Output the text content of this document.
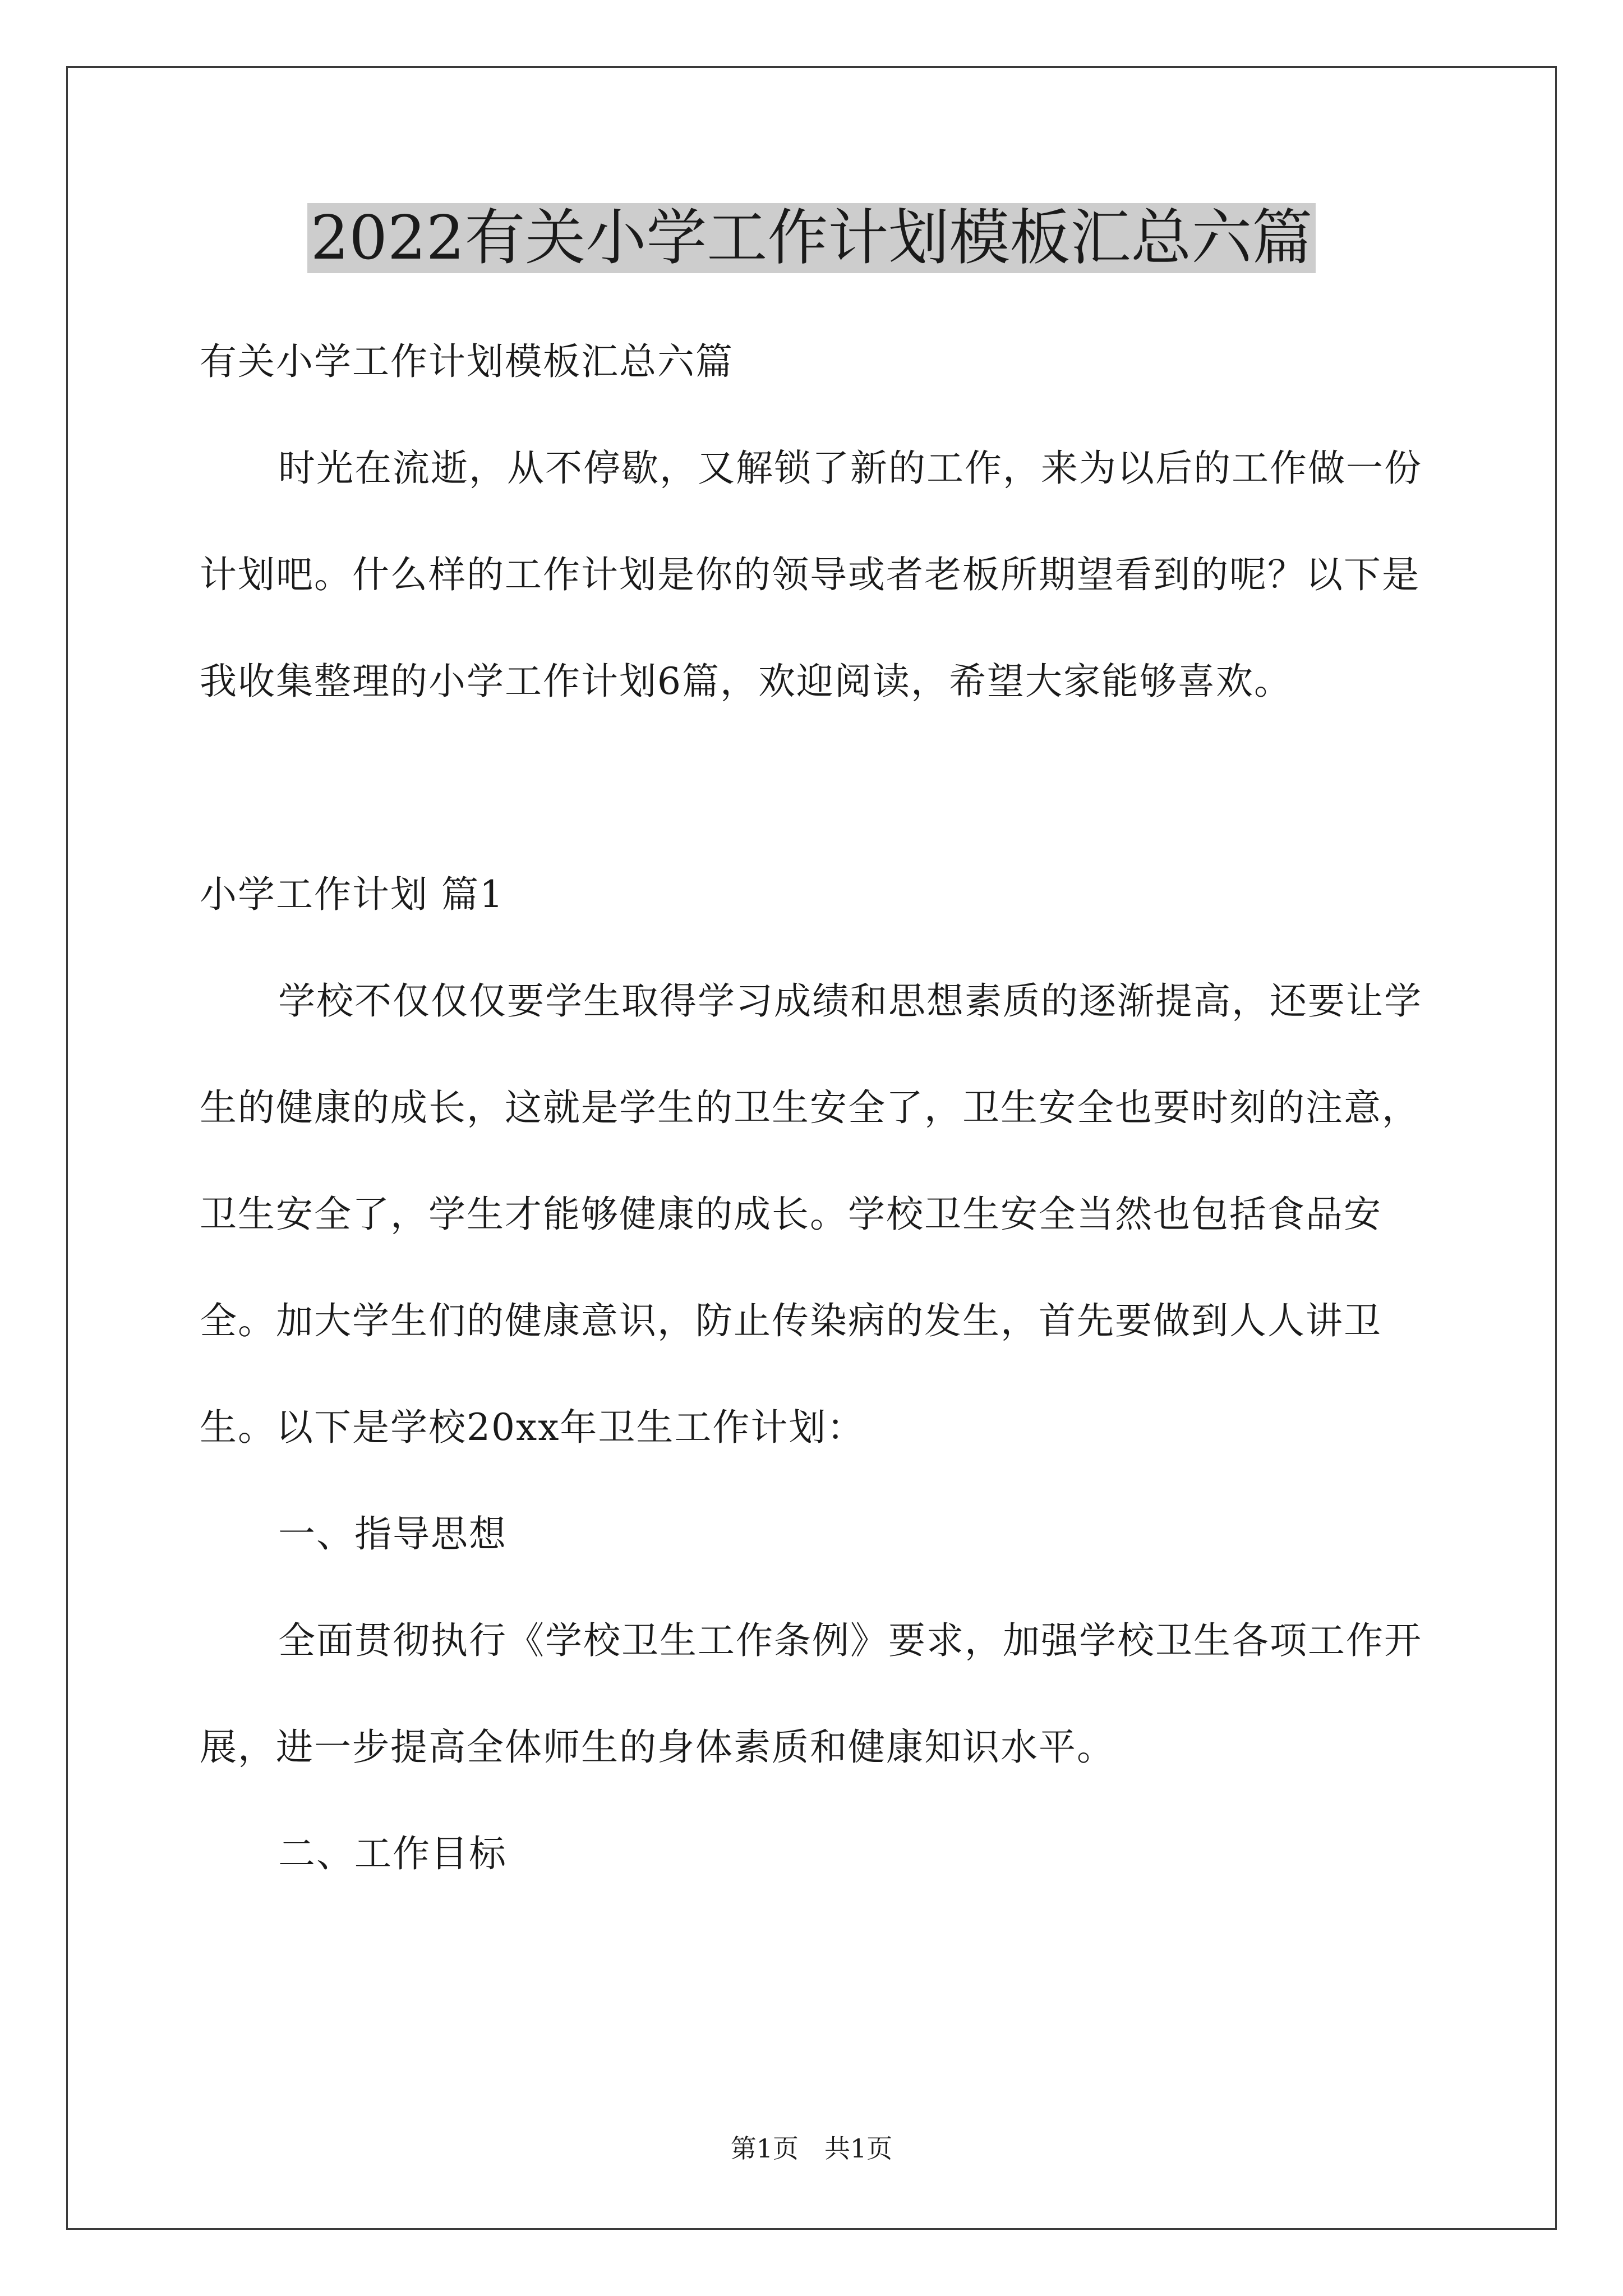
2022有关小学工作计划模板汇总六篇

有关小学工作计划模板汇总六篇

时光在流逝，从不停歇，又解锁了新的工作，来为以后的工作做一份计划吧。什么样的工作计划是你的领导或者老板所期望看到的呢？以下是我收集整理的小学工作计划6篇，欢迎阅读，希望大家能够喜欢。

小学工作计划 篇1

学校不仅仅仅要学生取得学习成绩和思想素质的逐渐提高，还要让学生的健康的成长，这就是学生的卫生安全了，卫生安全也要时刻的注意，卫生安全了，学生才能够健康的成长。学校卫生安全当然也包括食品安全。加大学生们的健康意识，防止传染病的发生，首先要做到人人讲卫生。以下是学校20xx年卫生工作计划：

一、指导思想

全面贯彻执行《学校卫生工作条例》要求，加强学校卫生各项工作开展，进一步提高全体师生的身体素质和健康知识水平。

二、工作目标

第1页　共1页
